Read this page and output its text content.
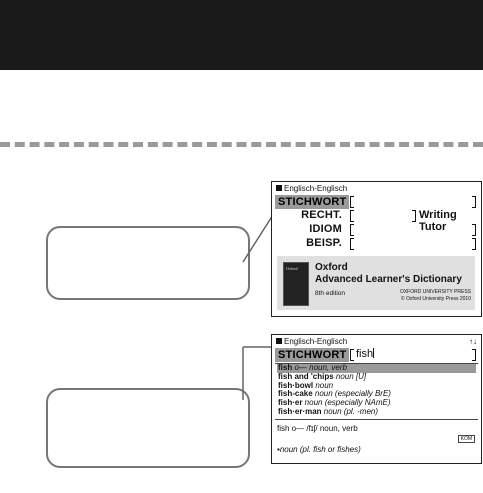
Englisch-Englisch
STICHWORT
RECHT.	Writing Tutor
IDIOM
BEISP.
Oxford	Oxford
Advanced Learner's Dictionary
8th edition	OXFORD UNIVERSITY PRESS
© Oxford University Press 2010
Englisch-Englisch	↑↓
STICHWORT fish
fish o— noun, verb
fish and 'chips noun [U]
fish·bowl noun
fish-cake noun (especially BrE)
fish·er noun (especially NAmE)
fish·er·man noun (pl. -men)
fish o— /fɪʃ/ noun, verb
KOM
▪noun (pl. fish or fishes)
